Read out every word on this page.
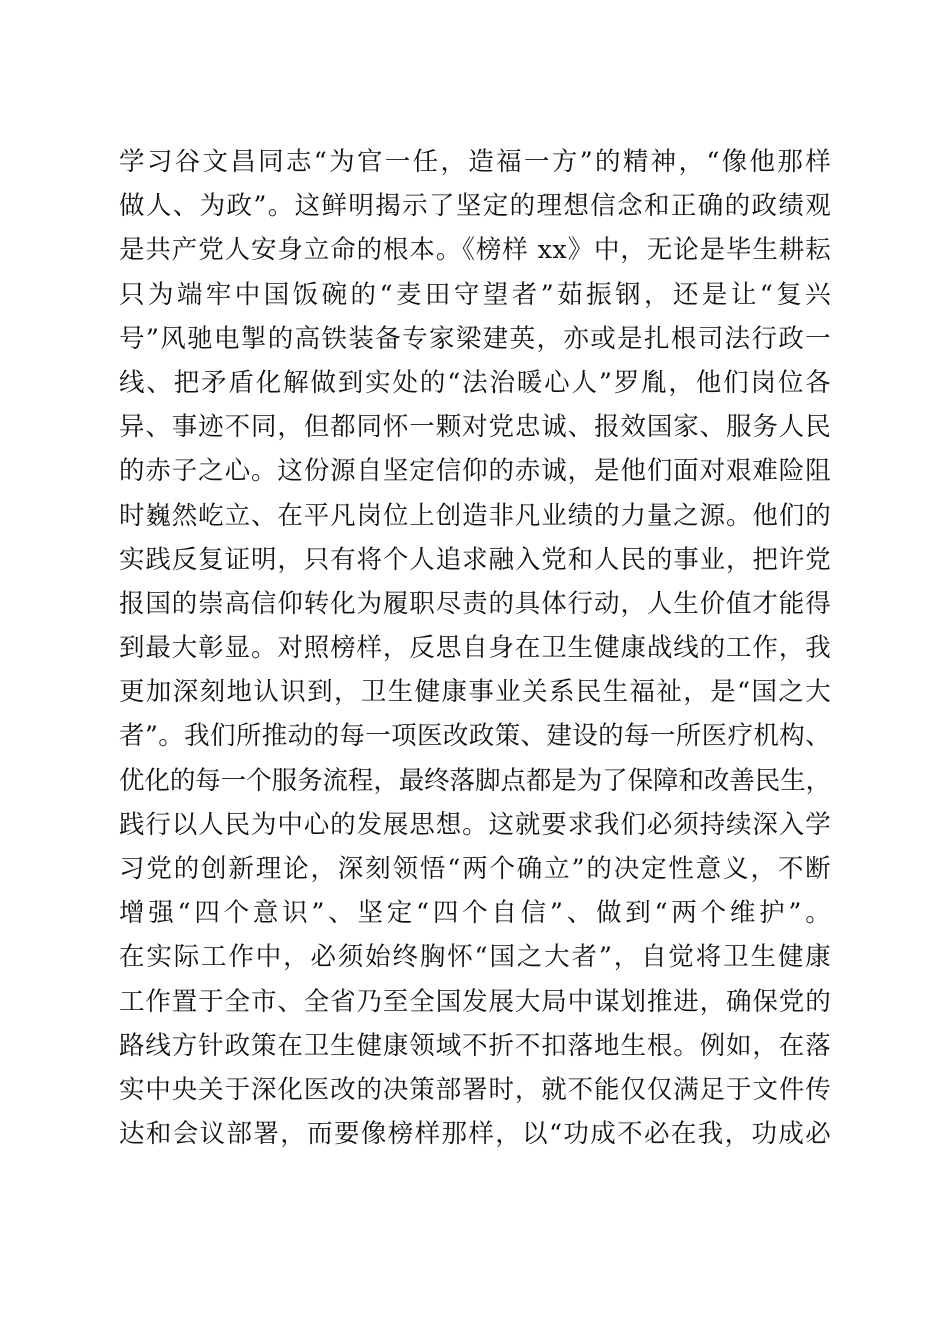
学习谷文昌同志“为官一任，造福一方”的精神，“像他那样
做人、为政”。这鲜明揭示了坚定的理想信念和正确的政绩观
是共产党人安身立命的根本。《榜样 xx》中，无论是毕生耕耘
只为端牢中国饭碗的“麦田守望者”茹振钢，还是让“复兴
号”风驰电掣的高铁装备专家梁建英，亦或是扎根司法行政一
线、把矛盾化解做到实处的“法治暖心人”罗胤，他们岗位各
异、事迹不同，但都同怀一颗对党忠诚、报效国家、服务人民
的赤子之心。这份源自坚定信仰的赤诚，是他们面对艰难险阻
时巍然屹立、在平凡岗位上创造非凡业绩的力量之源。他们的
实践反复证明，只有将个人追求融入党和人民的事业，把许党
报国的崇高信仰转化为履职尽责的具体行动，人生价值才能得
到最大彰显。对照榜样，反思自身在卫生健康战线的工作，我
更加深刻地认识到，卫生健康事业关系民生福祉，是“国之大
者”。我们所推动的每一项医改政策、建设的每一所医疗机构、
优化的每一个服务流程，最终落脚点都是为了保障和改善民生，
践行以人民为中心的发展思想。这就要求我们必须持续深入学
习党的创新理论，深刻领悟“两个确立”的决定性意义，不断
增强“四个意识”、坚定“四个自信”、做到“两个维护”。
在实际工作中，必须始终胸怀“国之大者”，自觉将卫生健康
工作置于全市、全省乃至全国发展大局中谋划推进，确保党的
路线方针政策在卫生健康领域不折不扣落地生根。例如，在落
实中央关于深化医改的决策部署时，就不能仅仅满足于文件传
达和会议部署，而要像榜样那样，以“功成不必在我，功成必
